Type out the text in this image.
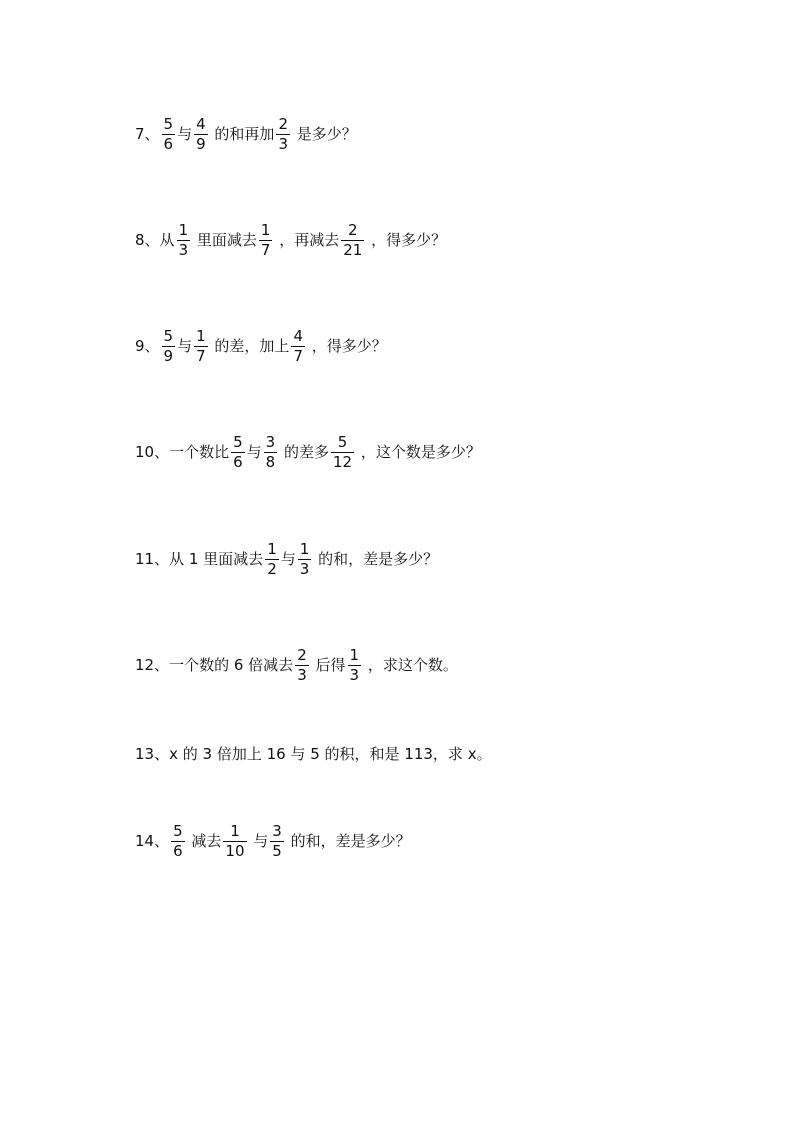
7、 $\frac{5}{6}$ 与 $\frac{4}{9}$ 的和再加 $\frac{2}{3}$ 是多少？
8、 从 $\frac{1}{3}$ 里面减去 $\frac{1}{7}$ ，再减去 $\frac{2}{21}$ ，得多少？
9、 $\frac{5}{9}$ 与 $\frac{1}{7}$ 的差，加上 $\frac{4}{7}$ ，得多少？
10、 一个数比 $\frac{5}{6}$ 与 $\frac{3}{8}$ 的差多 $\frac{5}{12}$ ，这个数是多少？
11、 从 1 里面减去 $\frac{1}{2}$ 与 $\frac{1}{3}$ 的和，差是多少？
12、 一个数的 6 倍减去 $\frac{2}{3}$ 后得 $\frac{1}{3}$ ，求这个数。
13、 x 的 3 倍加上 16 与 5 的积，和是 113，求 x。
14、 $\frac{5}{6}$ 减去 $\frac{1}{10}$ 与 $\frac{3}{5}$ 的和，差是多少？
